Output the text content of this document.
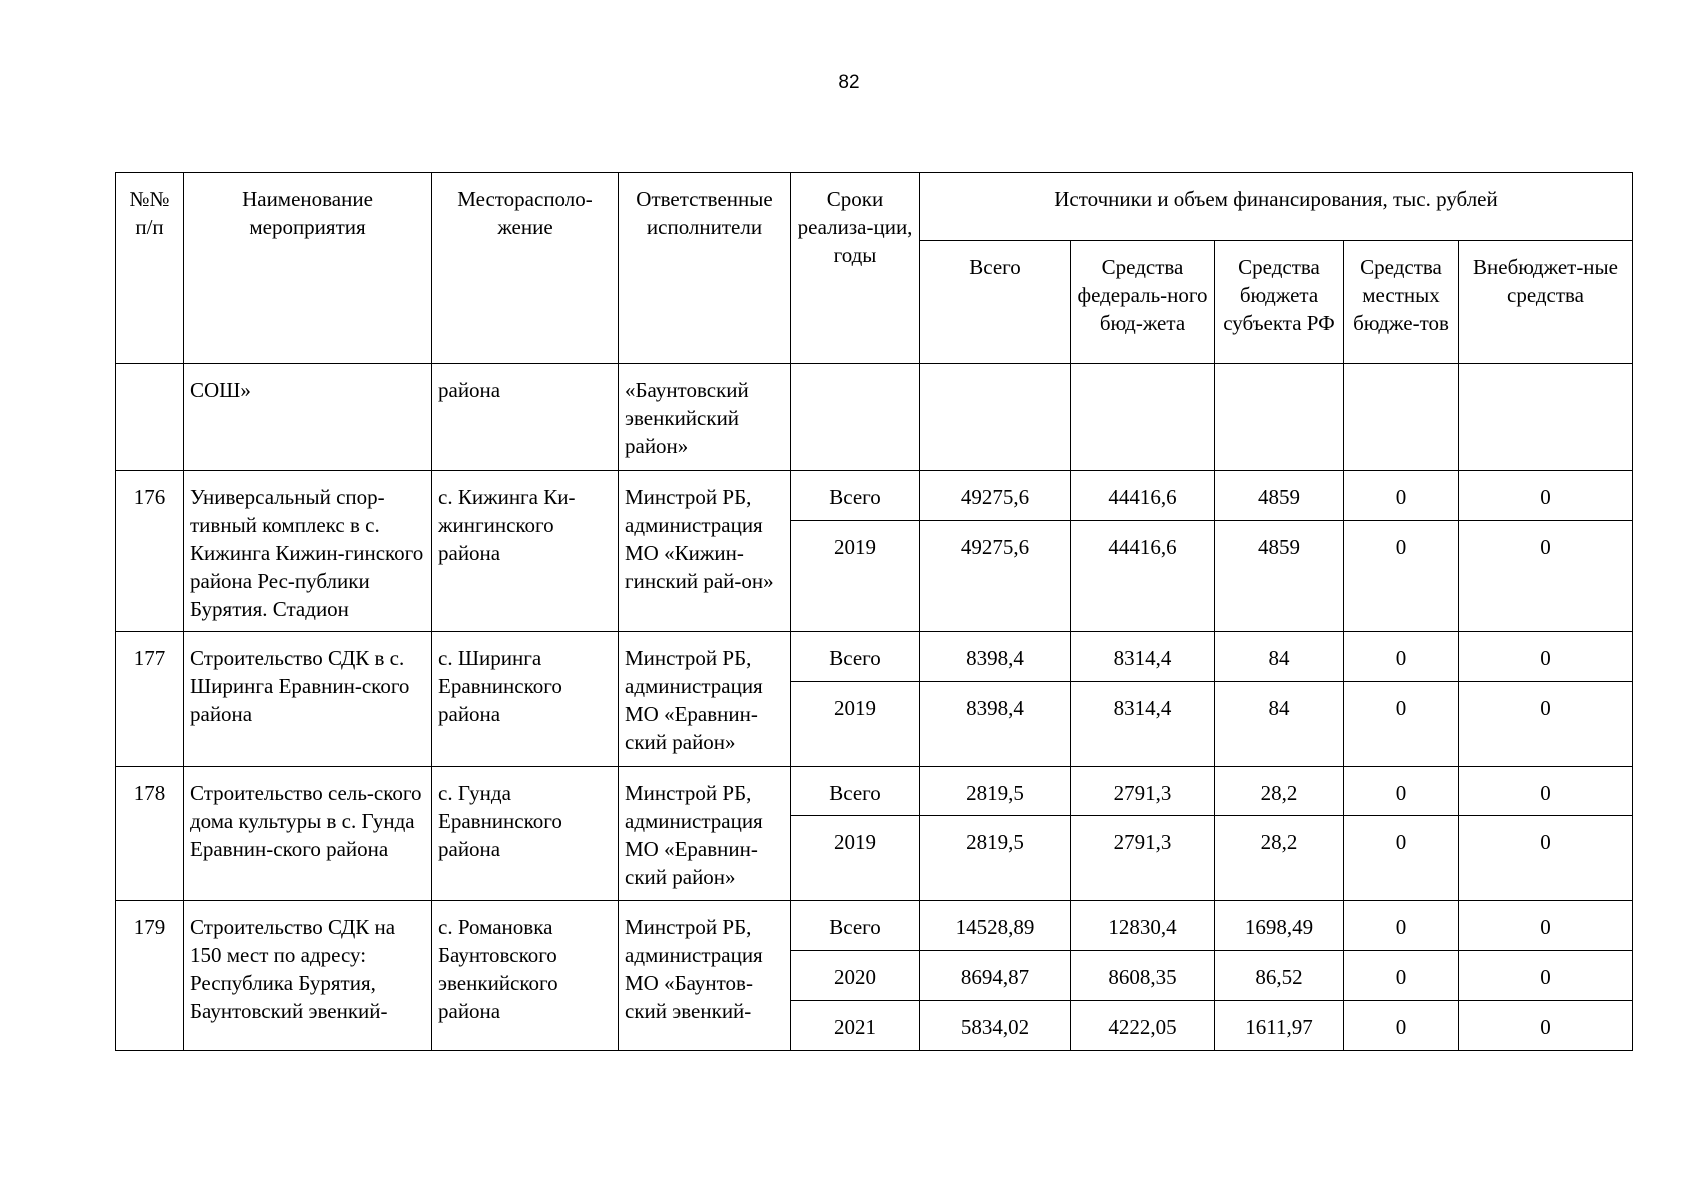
82
№№ п/п	Наименование мероприятия	Месторасполо-жение	Ответственные исполнители	Сроки реализа-ции, годы	Источники и объем финансирования, тыс. рублей				
					Всего	Средства федераль-ного бюд-жета	Средства бюджета субъекта РФ	Средства местных бюдже-тов	Внебюджет-ные средства
	СОШ»	района	«Баунтовский эвенкийский район»						
176	Универсальный спор-тивный комплекс в с. Кижинга Кижин-гинского района Рес-публики Бурятия. Стадион	с. Кижинга Ки-жингинского района	Минстрой РБ, администрация МО «Кижин-гинский рай-он»	Всего	49275,6	44416,6	4859	0	0
				2019	49275,6	44416,6	4859	0	0
177	Строительство СДК в с. Ширинга Еравнин-ского района	с. Ширинга Еравнинского района	Минстрой РБ, администрация МО «Еравнин-ский район»	Всего	8398,4	8314,4	84	0	0
				2019	8398,4	8314,4	84	0	0
178	Строительство сель-ского дома культуры в с. Гунда Еравнин-ского района	с. Гунда Еравнинского района	Минстрой РБ, администрация МО «Еравнин-ский район»	Всего	2819,5	2791,3	28,2	0	0
				2019	2819,5	2791,3	28,2	0	0
179	Строительство СДК на 150 мест по адресу: Республика Бурятия, Баунтовский эвенкий-	с. Романовка Баунтовского эвенкийского района	Минстрой РБ, администрация МО «Баунтов-ский эвенкий-	Всего	14528,89	12830,4	1698,49	0	0
				2020	8694,87	8608,35	86,52	0	0
				2021	5834,02	4222,05	1611,97	0	0
